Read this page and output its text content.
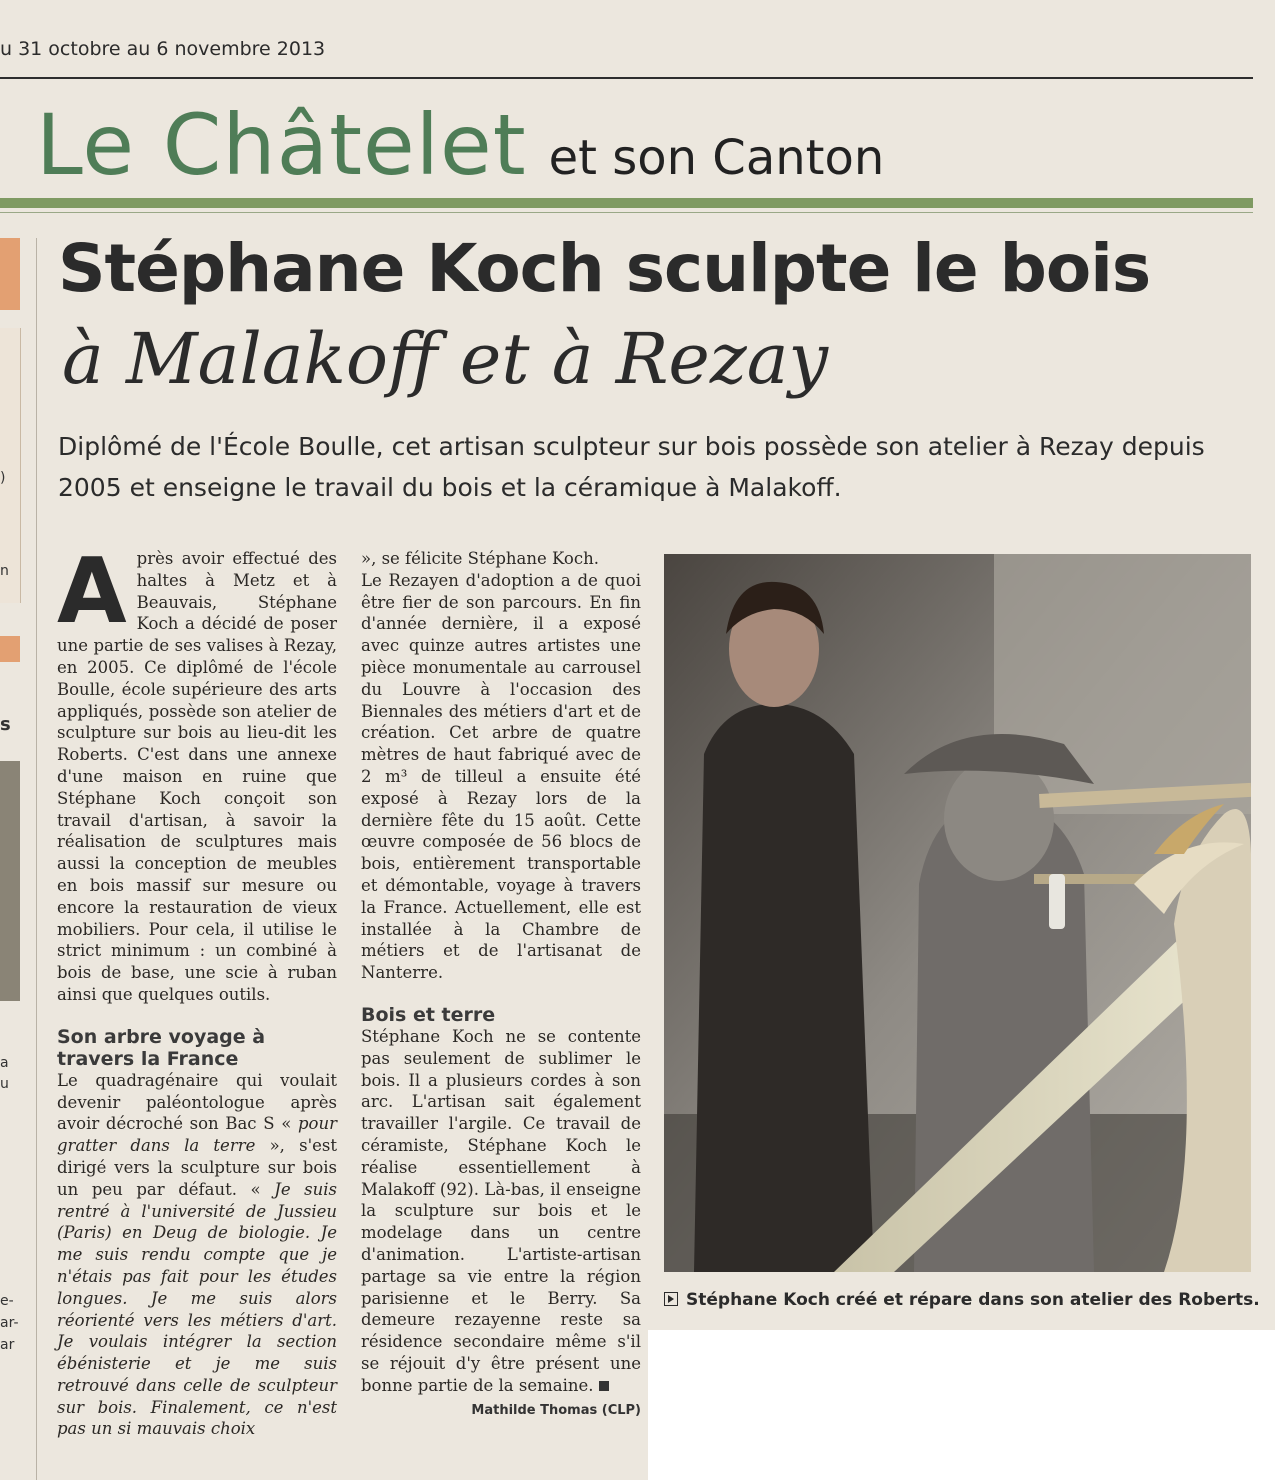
u 31 octobre au 6 novembre 2013
Le Châtelet et son Canton
)
n
s
a
u
e-
ar-
ar
Stéphane Koch sculpte le bois
à Malakoff et à Rezay
Diplômé de l'École Boulle, cet artisan sculpteur sur bois possède son atelier à Rezay depuis 2005 et enseigne le travail du bois et la céramique à Malakoff.

Après avoir effectué des haltes à Metz et à Beauvais, Stéphane Koch a décidé de poser une partie de ses valises à Rezay, en 2005. Ce diplômé de l'école Boulle, école supérieure des arts appliqués, possède son atelier de sculpture sur bois au lieu-dit les Roberts. C'est dans une annexe d'une maison en ruine que Stéphane Koch conçoit son travail d'artisan, à savoir la réalisation de sculptures mais aussi la conception de meubles en bois massif sur mesure ou encore la restauration de vieux mobiliers. Pour cela, il utilise le strict minimum : un combiné à bois de base, une scie à ruban ainsi que quelques outils.

Son arbre voyage à travers la France

Le quadragénaire qui voulait devenir paléontologue après avoir décroché son Bac S « pour gratter dans la terre », s'est dirigé vers la sculpture sur bois un peu par défaut. « Je suis rentré à l'université de Jussieu (Paris) en Deug de biologie. Je me suis rendu compte que je n'étais pas fait pour les études longues. Je me suis alors réorienté vers les métiers d'art. Je voulais intégrer la section ébénisterie et je me suis retrouvé dans celle de sculpteur sur bois. Finalement, ce n'est pas un si mauvais choix

», se félicite Stéphane Koch.

Le Rezayen d'adoption a de quoi être fier de son parcours. En fin d'année dernière, il a exposé avec quinze autres artistes une pièce monumentale au carrousel du Louvre à l'occasion des Biennales des métiers d'art et de création. Cet arbre de quatre mètres de haut fabriqué avec de 2 m³ de tilleul a ensuite été exposé à Rezay lors de la dernière fête du 15 août. Cette œuvre composée de 56 blocs de bois, entièrement transportable et démontable, voyage à travers la France. Actuellement, elle est installée à la Chambre de métiers et de l'artisanat de Nanterre.

Bois et terre

Stéphane Koch ne se contente pas seulement de sublimer le bois. Il a plusieurs cordes à son arc. L'artisan sait également travailler l'argile. Ce travail de céramiste, Stéphane Koch le réalise essentiellement à Malakoff (92). Là-bas, il enseigne la sculpture sur bois et le modelage dans un centre d'animation. L'artiste-artisan partage sa vie entre la région parisienne et le Berry. Sa demeure rezayenne reste sa résidence secondaire même s'il se réjouit d'y être présent une bonne partie de la semaine.

Mathilde Thomas (CLP)
Stéphane Koch créé et répare dans son atelier des Roberts.
